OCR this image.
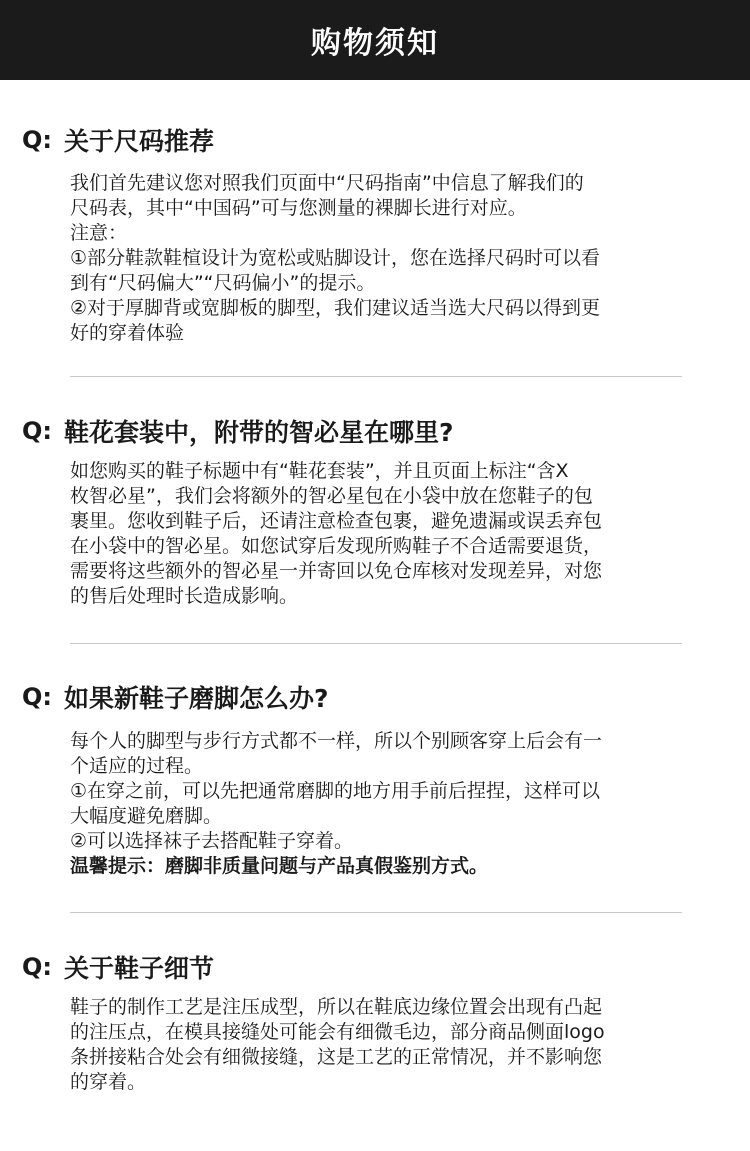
购物须知
Q: 关于尺码推荐
我们首先建议您对照我们页面中“尺码指南”中信息了解我们的
尺码表，其中“中国码”可与您测量的裸脚长进行对应。
注意：
①部分鞋款鞋楦设计为宽松或贴脚设计，您在选择尺码时可以看
到有“尺码偏大”“尺码偏小”的提示。
②对于厚脚背或宽脚板的脚型，我们建议适当选大尺码以得到更
好的穿着体验
Q: 鞋花套装中，附带的智必星在哪里?
如您购买的鞋子标题中有“鞋花套装”，并且页面上标注“含X
枚智必星”，我们会将额外的智必星包在小袋中放在您鞋子的包
裹里。您收到鞋子后，还请注意检查包裹，避免遗漏或误丢弃包
在小袋中的智必星。如您试穿后发现所购鞋子不合适需要退货，
需要将这些额外的智必星一并寄回以免仓库核对发现差异，对您
的售后处理时长造成影响。
Q: 如果新鞋子磨脚怎么办?
每个人的脚型与步行方式都不一样，所以个别顾客穿上后会有一
个适应的过程。
①在穿之前，可以先把通常磨脚的地方用手前后捏捏，这样可以
大幅度避免磨脚。
②可以选择袜子去搭配鞋子穿着。
温馨提示：磨脚非质量问题与产品真假鉴别方式。
Q: 关于鞋子细节
鞋子的制作工艺是注压成型，所以在鞋底边缘位置会出现有凸起
的注压点，在模具接缝处可能会有细微毛边，部分商品侧面logo
条拼接粘合处会有细微接缝，这是工艺的正常情况，并不影响您
的穿着。
